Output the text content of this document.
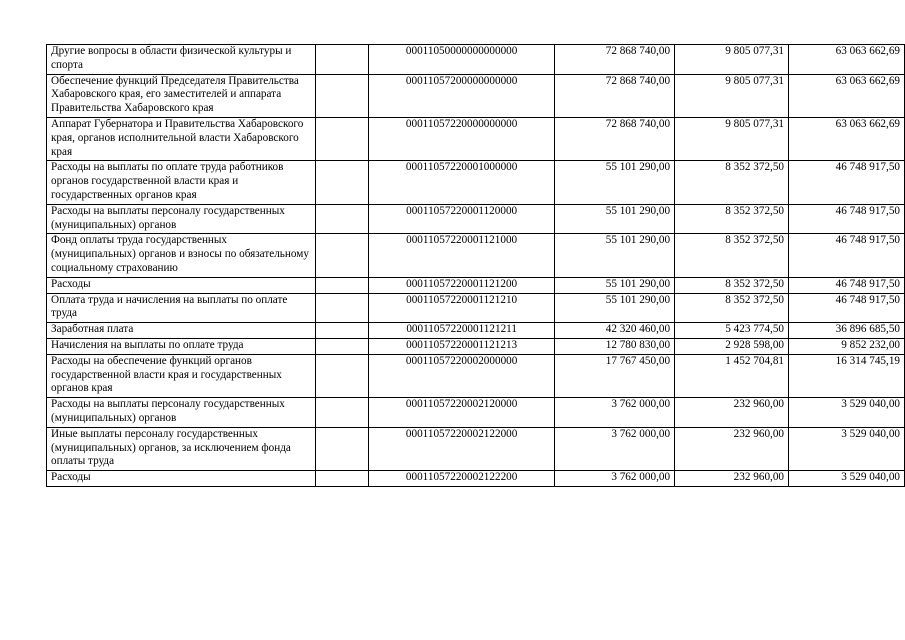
Другие вопросы в области физической культуры и спорта		00011050000000000000	72 868 740,00	9 805 077,31	63 063 662,69
Обеспечение функций Председателя Правительства Хабаровского края, его заместителей и аппарата Правительства Хабаровского края		00011057200000000000	72 868 740,00	9 805 077,31	63 063 662,69
Аппарат Губернатора и Правительства Хабаровского края, органов исполнительной власти Хабаровского края		00011057220000000000	72 868 740,00	9 805 077,31	63 063 662,69
Расходы на выплаты по оплате труда работников органов государственной власти края и государственных органов края		00011057220001000000	55 101 290,00	8 352 372,50	46 748 917,50
Расходы на выплаты персоналу государственных (муниципальных) органов		00011057220001120000	55 101 290,00	8 352 372,50	46 748 917,50
Фонд оплаты труда государственных (муниципальных) органов и взносы по обязательному социальному страхованию		00011057220001121000	55 101 290,00	8 352 372,50	46 748 917,50
Расходы		00011057220001121200	55 101 290,00	8 352 372,50	46 748 917,50
Оплата труда и начисления на выплаты по оплате труда		00011057220001121210	55 101 290,00	8 352 372,50	46 748 917,50
Заработная плата		00011057220001121211	42 320 460,00	5 423 774,50	36 896 685,50
Начисления на выплаты по оплате труда		00011057220001121213	12 780 830,00	2 928 598,00	9 852 232,00
Расходы на обеспечение функций органов государственной власти края и государственных органов края		00011057220002000000	17 767 450,00	1 452 704,81	16 314 745,19
Расходы на выплаты персоналу государственных (муниципальных) органов		00011057220002120000	3 762 000,00	232 960,00	3 529 040,00
Иные выплаты персоналу государственных (муниципальных) органов, за исключением фонда оплаты труда		00011057220002122000	3 762 000,00	232 960,00	3 529 040,00
Расходы		00011057220002122200	3 762 000,00	232 960,00	3 529 040,00
